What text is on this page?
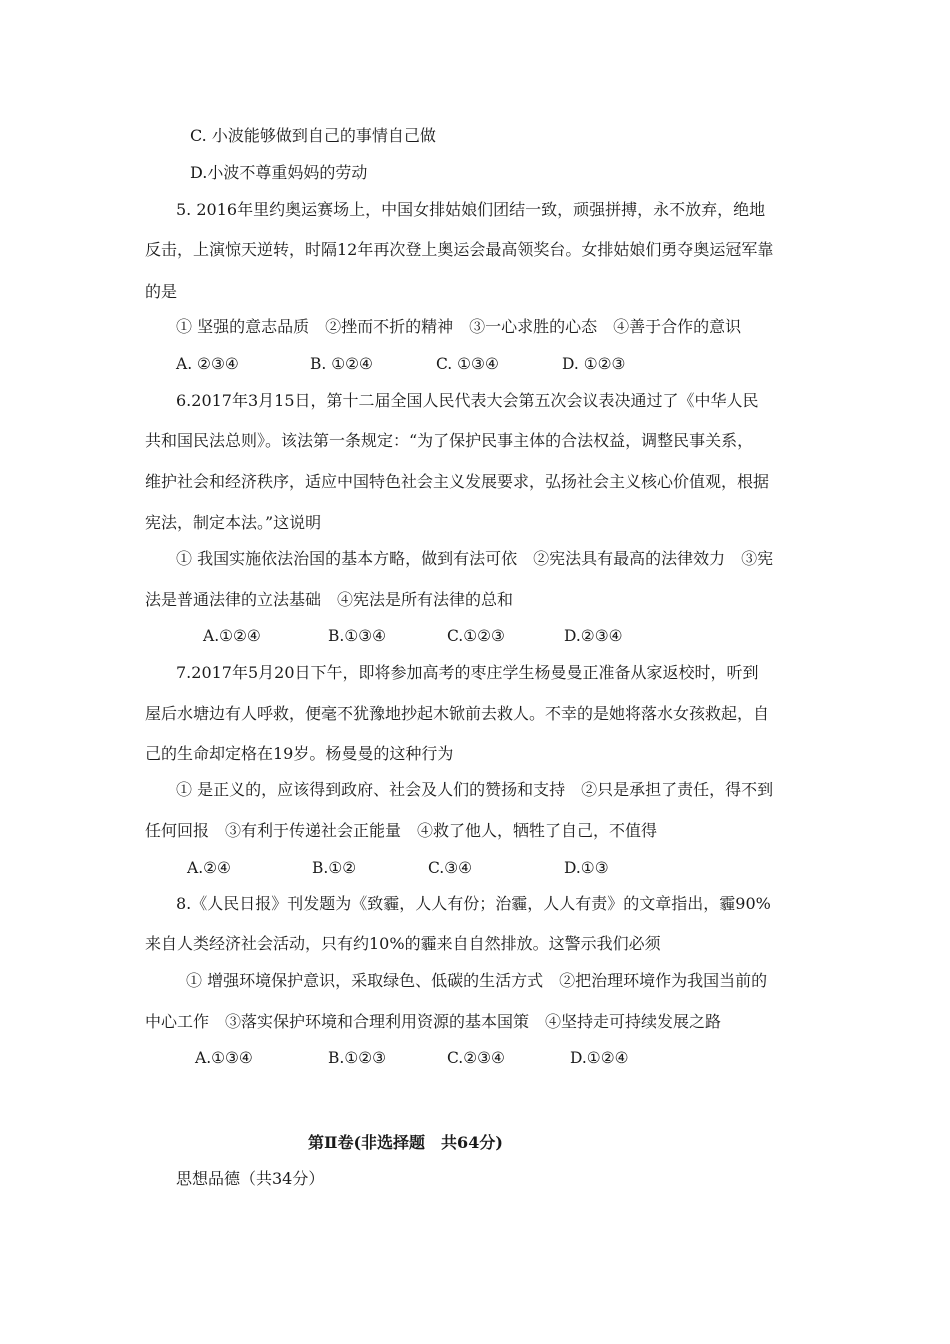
C. 小波能够做到自己的事情自己做
D.小波不尊重妈妈的劳动
5. 2016年里约奥运赛场上，中国女排姑娘们团结一致，顽强拼搏，永不放弃，绝地
反击，上演惊天逆转，时隔12年再次登上奥运会最高领奖台。女排姑娘们勇夺奥运冠军靠
的是
① 坚强的意志品质　②挫而不折的精神　③一心求胜的心态　④善于合作的意识
A. ②③④	B. ①②④	C. ①③④	D. ①②③
6.2017年3月15日，第十二届全国人民代表大会第五次会议表决通过了《中华人民
共和国民法总则》。该法第一条规定：“为了保护民事主体的合法权益，调整民事关系，
维护社会和经济秩序，适应中国特色社会主义发展要求，弘扬社会主义核心价值观，根据
宪法，制定本法。”这说明
① 我国实施依法治国的基本方略，做到有法可依　②宪法具有最高的法律效力　③宪
法是普通法律的立法基础　④宪法是所有法律的总和
A.①②④	B.①③④	C.①②③	D.②③④
7.2017年5月20日下午，即将参加高考的枣庄学生杨曼曼正准备从家返校时，听到
屋后水塘边有人呼救，便毫不犹豫地抄起木锨前去救人。不幸的是她将落水女孩救起，自
己的生命却定格在19岁。杨曼曼的这种行为
① 是正义的，应该得到政府、社会及人们的赞扬和支持　②只是承担了责任，得不到
任何回报　③有利于传递社会正能量　④救了他人，牺牲了自己，不值得
A.②④	B.①②	C.③④	D.①③
8.《人民日报》刊发题为《致霾，人人有份；治霾，人人有责》的文章指出，霾90%
来自人类经济社会活动，只有约10%的霾来自自然排放。这警示我们必须
① 增强环境保护意识，采取绿色、低碳的生活方式　②把治理环境作为我国当前的
中心工作　③落实保护环境和合理利用资源的基本国策　④坚持走可持续发展之路
A.①③④	B.①②③	C.②③④	D.①②④
第Ⅱ卷(非选择题　共64分)
思想品德（共34分）
